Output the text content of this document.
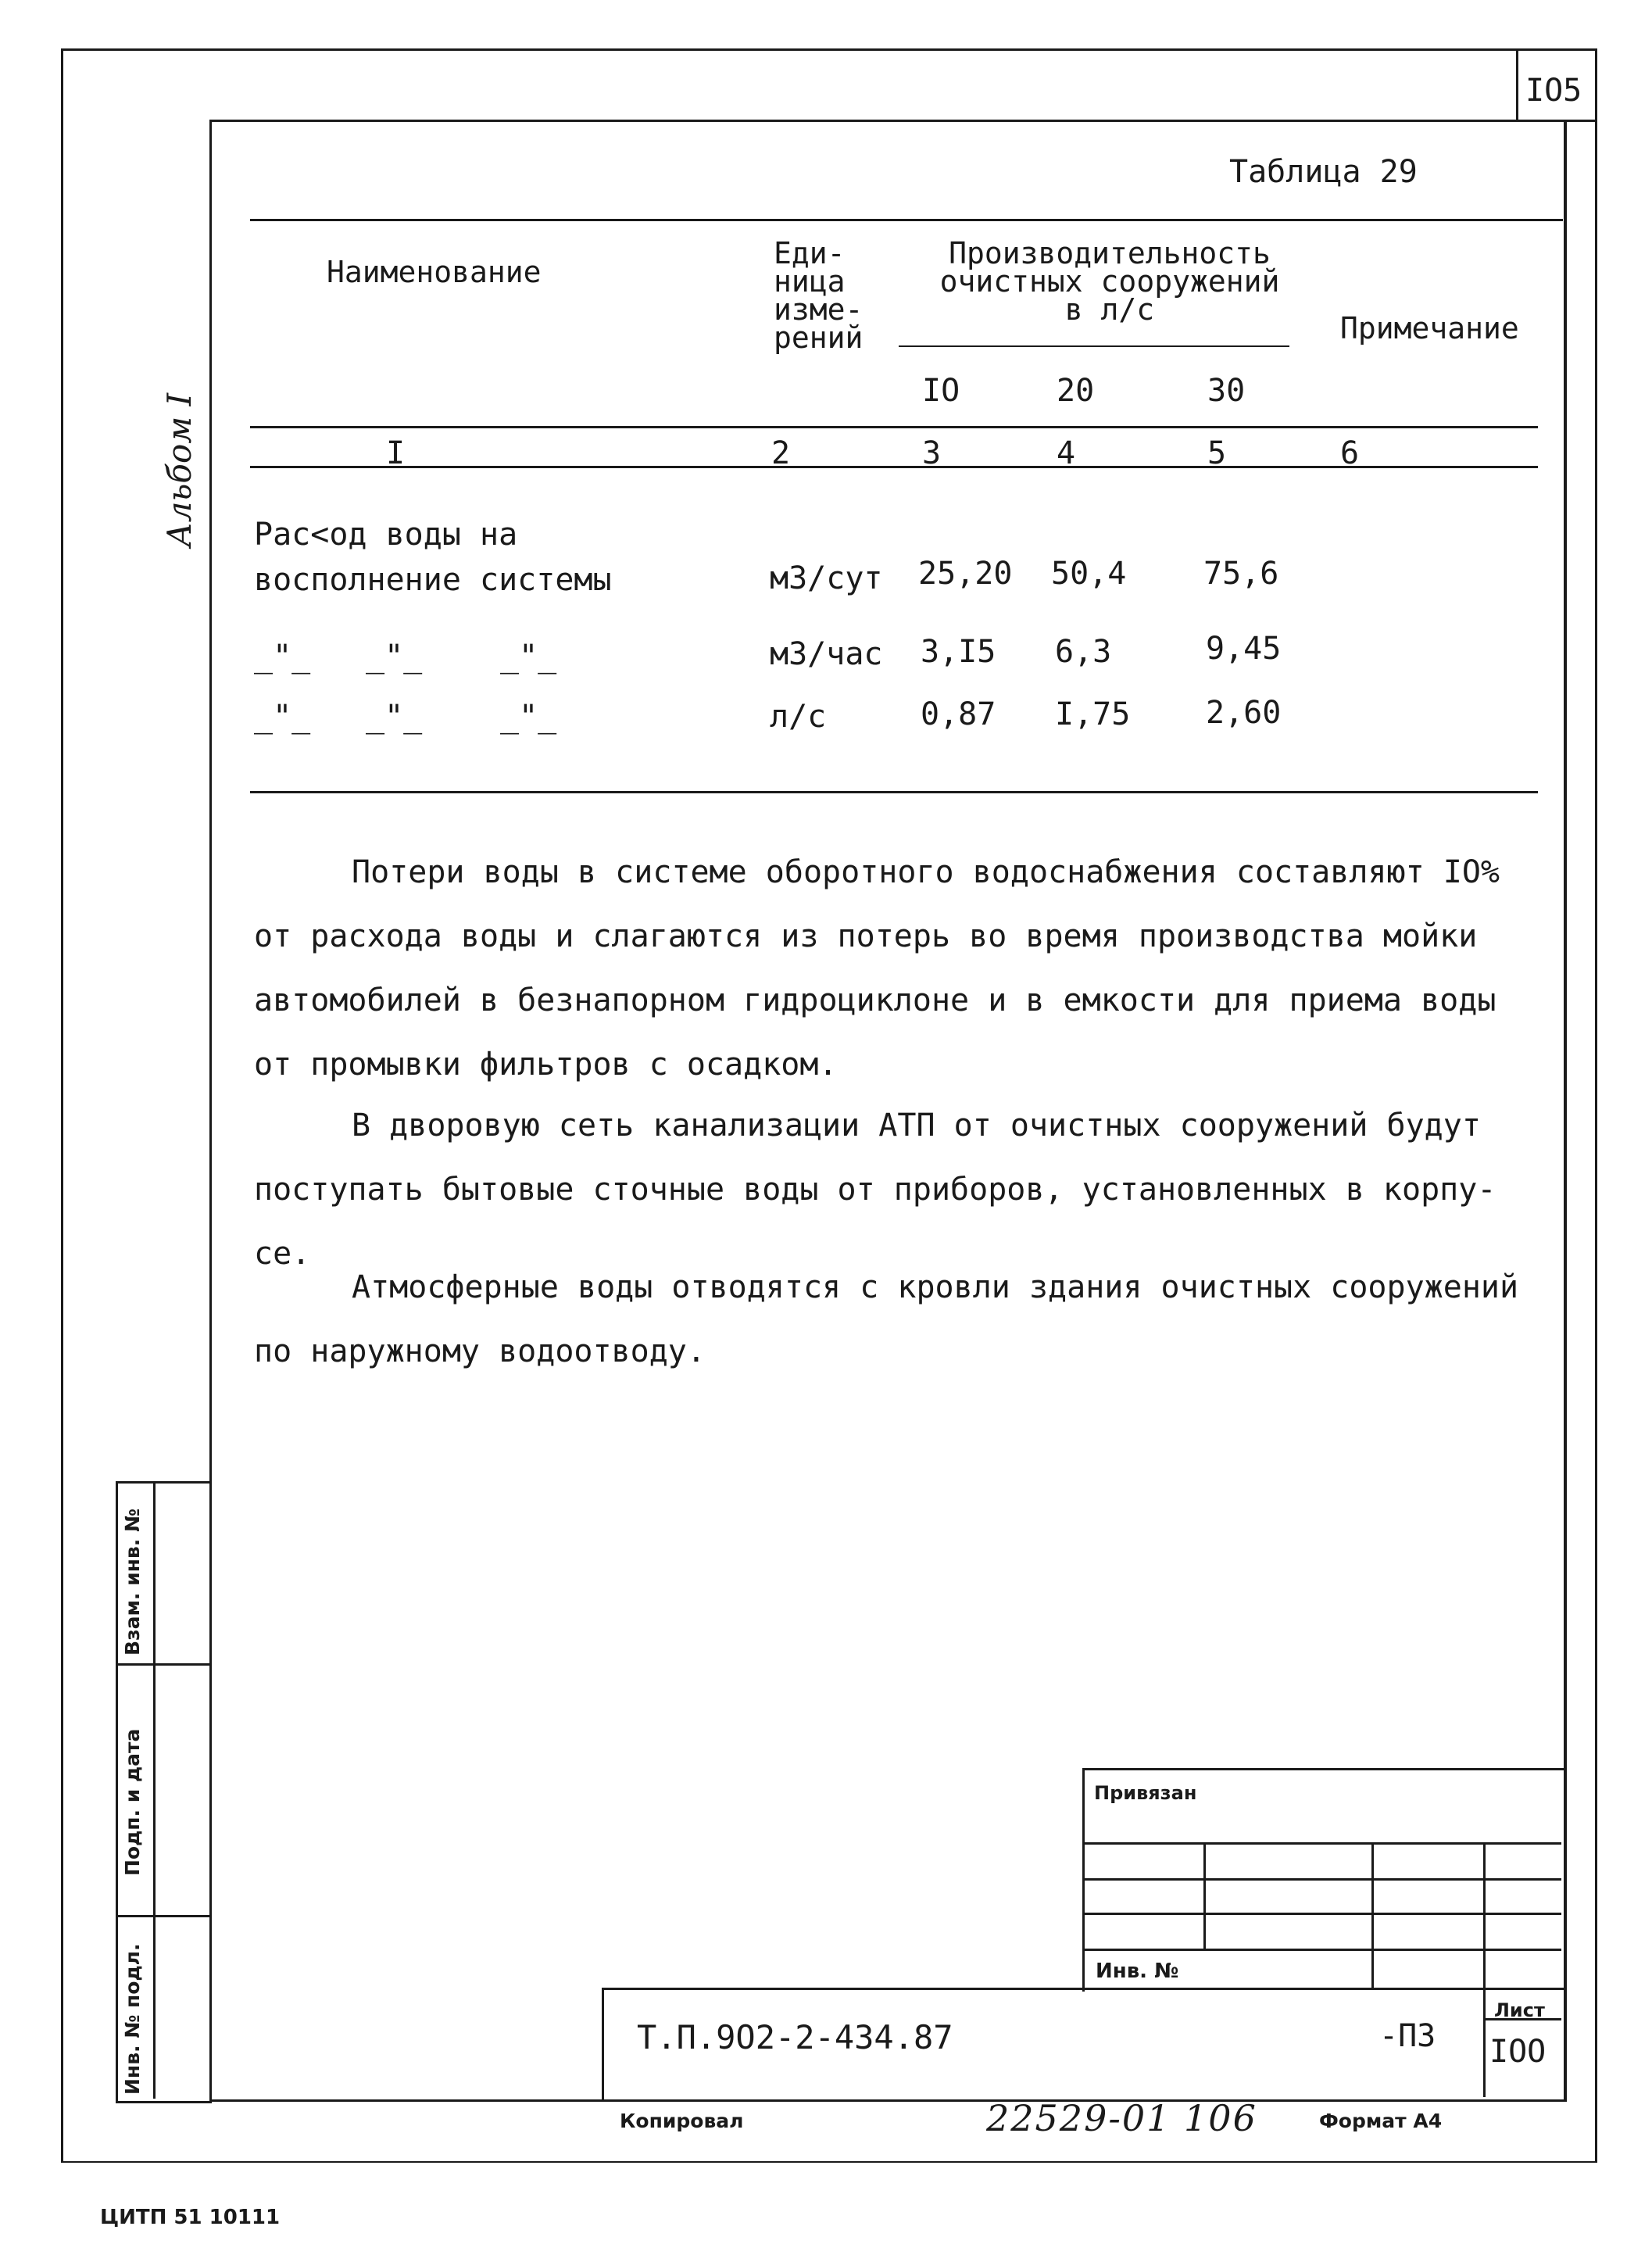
IO5
Альбом I
Таблица 29
Наименование
Еди-
ница
изме-
рений
Производительность
очистных сооружений
в л/с
IO	20	30
Примечание
I	2	3	4	5	6
Рас<од воды на
восполнение системы	м3/сут 25,20 50,4 75,6
_"_ _"_ _"_	м3/час 3,I5 6,3	9,45
_"_ _"_ _"_	л/с	0,87 I,75 2,60

Потери воды в системе оборотного водоснабжения составляют IO% от расхода воды и слагаются из потерь во время производства мойки автомобилей в безнапорном гидроциклоне и в емкости для приема воды от промывки фильтров с осадком.

В дворовую сеть канализации АТП от очистных сооружений будут поступать бытовые сточные воды от приборов, установленных в корпу- се.

Атмосферные воды отводятся с кровли здания очистных сооружений по наружному водоотводу.

Взам. инв. №
Подп. и дата
Инв. № подл.
Привязан
Инв. №
Т.П.9О2-2-434.87	-ПЗ
Лист
IOO
Копировал	22529-01 106	Формат А4
ЦИТП 51 10111
